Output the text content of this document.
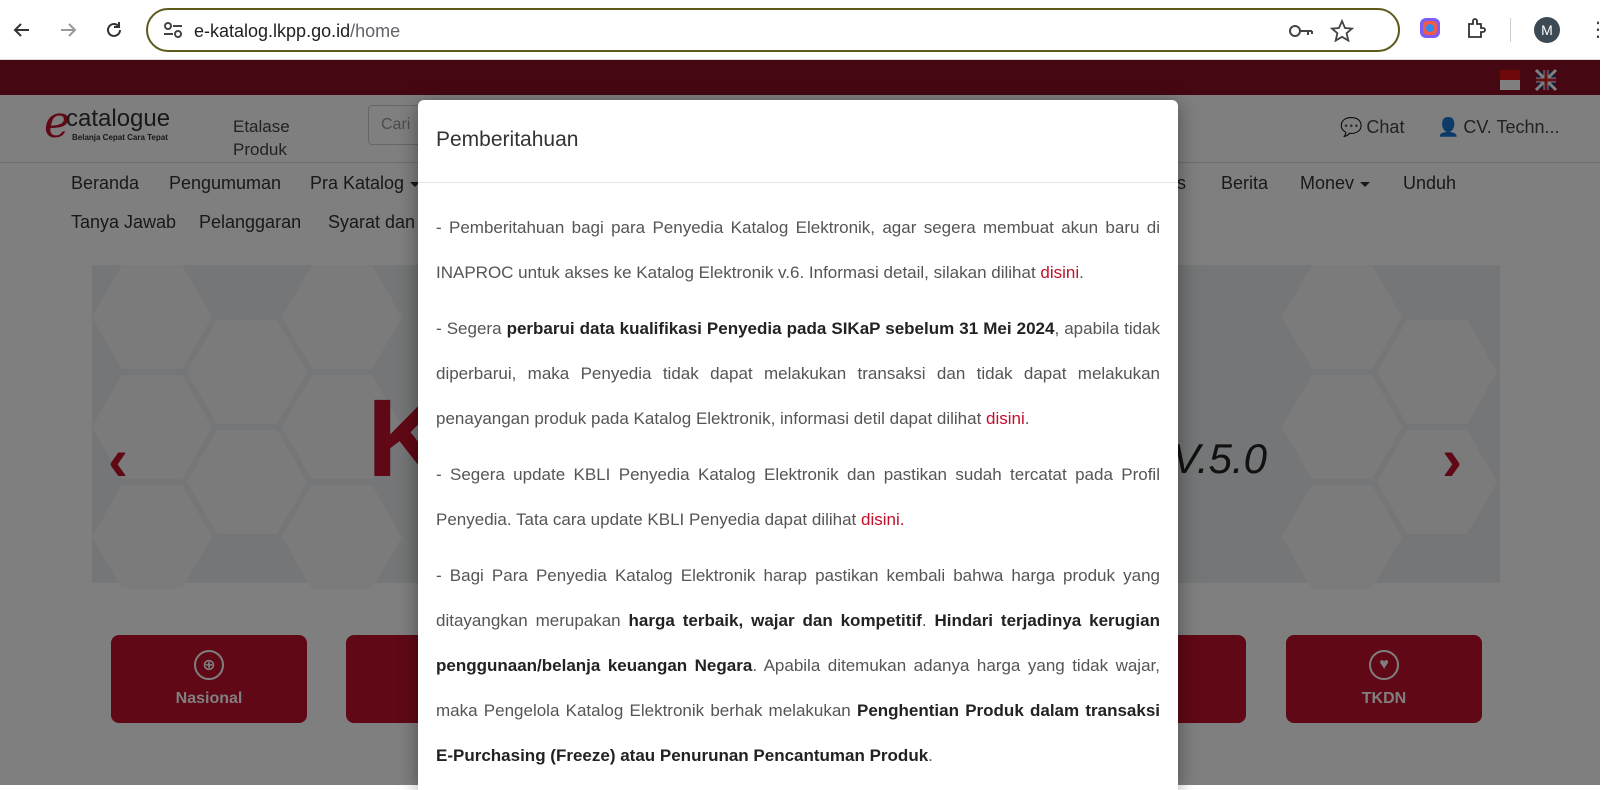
e-katalog.lkpp.go.id/home	M	⋮
Pemberitahuan

- Pemberitahuan bagi para Penyedia Katalog Elektronik, agar segera membuat akun baru di INAPROC untuk akses ke Katalog Elektronik v.6. Informasi detail, silakan dilihat disini.

- Segera perbarui data kualifikasi Penyedia pada SIKaP sebelum 31 Mei 2024, apabila tidak diperbarui, maka Penyedia tidak dapat melakukan transaksi dan tidak dapat melakukan penayangan produk pada Katalog Elektronik, informasi detil dapat dilihat disini.

- Segera update KBLI Penyedia Katalog Elektronik dan pastikan sudah tercatat pada Profil Penyedia. Tata cara update KBLI Penyedia dapat dilihat disini.

- Bagi Para Penyedia Katalog Elektronik harap pastikan kembali bahwa harga produk yang ditayangkan merupakan harga terbaik, wajar dan kompetitif. Hindari terjadinya kerugian penggunaan/belanja keuangan Negara. Apabila ditemukan adanya harga yang tidak wajar, maka Pengelola Katalog Elektronik berhak melakukan Penghentian Produk dalam transaksi E-Purchasing (Freeze) atau Penurunan Pencantuman Produk.
